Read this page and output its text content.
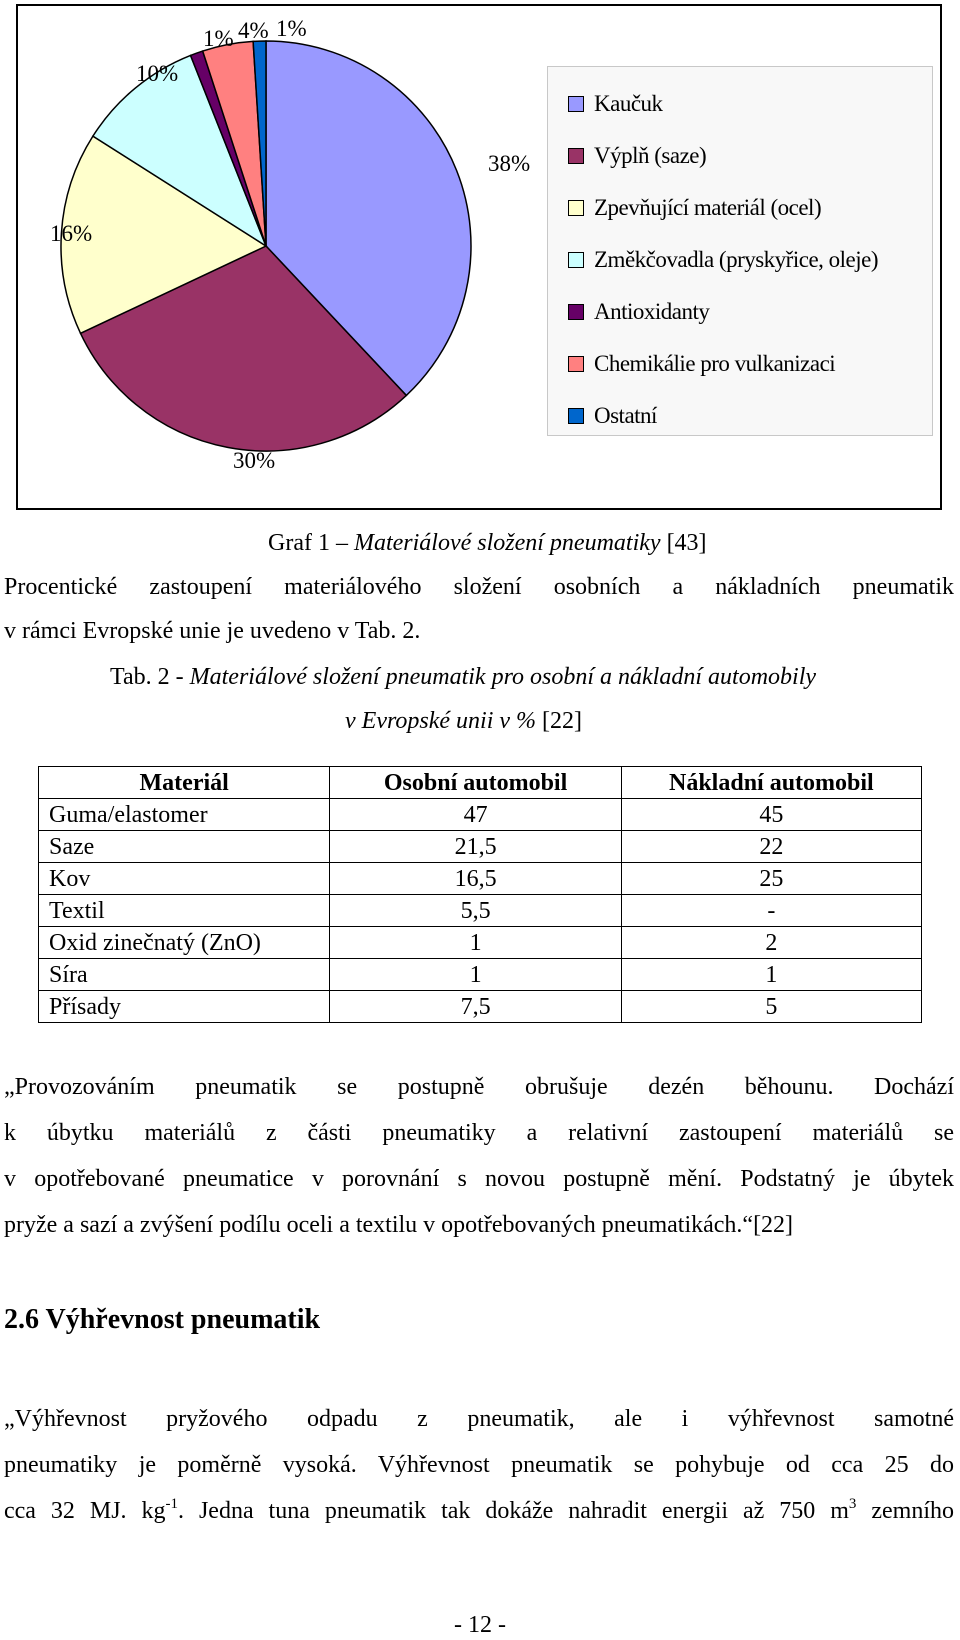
38%
30%
16%
10%
1% 4% 1%
Kaučuk
Výplň (saze)
Zpevňující materiál (ocel)
Změkčovadla (pryskyřice, oleje)
Antioxidanty
Chemikálie pro vulkanizaci
Ostatní
Graf 1 – Materiálové složení pneumatiky [43]
Procentické zastoupení materiálového složení osobních a nákladních pneumatik
v rámci Evropské unie je uvedeno v Tab. 2.
Tab. 2 - Materiálové složení pneumatik pro osobní a nákladní automobily
v Evropské unii v % [22]
Materiál	Osobní automobil	Nákladní automobil
Guma/elastomer	47	45
Saze	21,5	22
Kov	16,5	25
Textil	5,5	-
Oxid zinečnatý (ZnO)	1	2
Síra	1	1
Přísady	7,5	5
„Provozováním pneumatik se postupně obrušuje dezén běhounu. Dochází
k úbytku materiálů z části pneumatiky a relativní zastoupení materiálů se
v opotřebované pneumatice v porovnání s novou postupně mění. Podstatný je úbytek
pryže a sazí a zvýšení podílu oceli a textilu v opotřebovaných pneumatikách.“[22]
2.6 Výhřevnost pneumatik
„Výhřevnost pryžového odpadu z pneumatik, ale i výhřevnost samotné
pneumatiky je poměrně vysoká. Výhřevnost pneumatik se pohybuje od cca 25 do
cca 32 MJ. $kg^{-1}$. Jedna tuna pneumatik tak dokáže nahradit energii až 750 $m^3$ zemního
- 12 -
